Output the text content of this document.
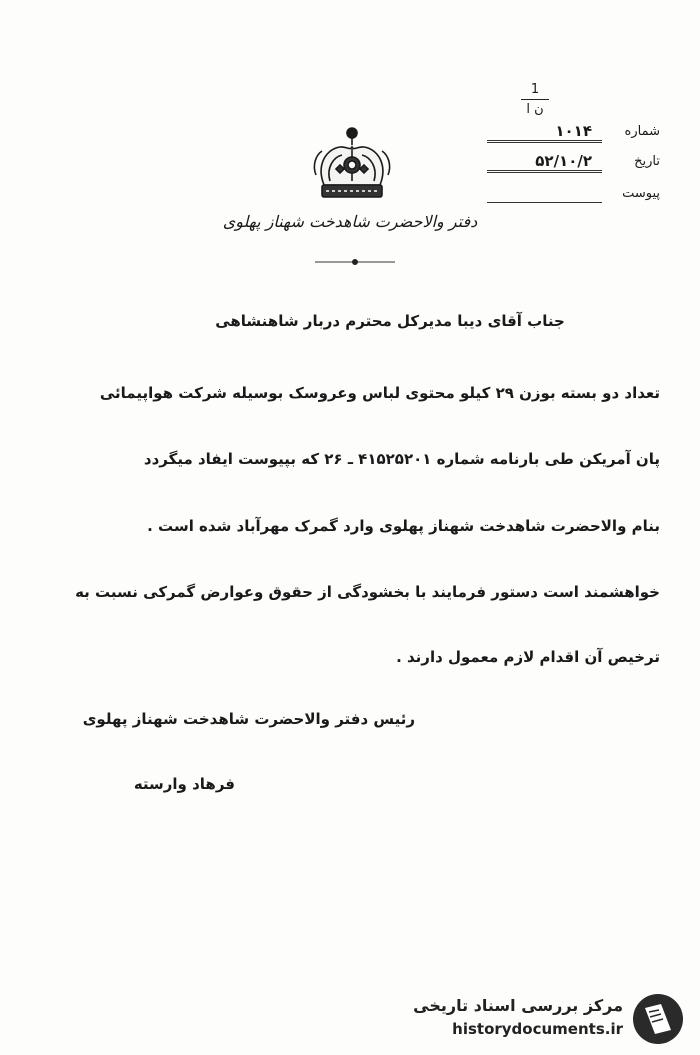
1
ن ا
شماره
۱۰۱۴
تاریخ
۵۲/۱۰/۲
پیوست
دفتر والاحضرت شاهدخت شهناز پهلوی
جناب آقای دیبا مدیرکل محترم دربار شاهنشاهی
تعداد دو بسته بوزن ۲۹ کیلو محتوی لباس وعروسک بوسیله شرکت هواپیمائی
پان آمریکن طی بارنامه شماره ۴۱۵۲۵۲۰۱ ـ ۲۶ که بپیوست ایفاد میگردد
بنام والاحضرت شاهدخت شهناز پهلوی وارد گمرک مهرآباد شده است .
خواهشمند است دستور فرمایند با بخشودگی از حقوق وعوارض گمرکی نسبت به
ترخیص آن اقدام لازم معمول دارند .
رئیس دفتر والاحضرت شاهدخت شهناز پهلوی
فرهاد وارسته
مرکز بررسی اسناد تاریخی
historydocuments.ir
